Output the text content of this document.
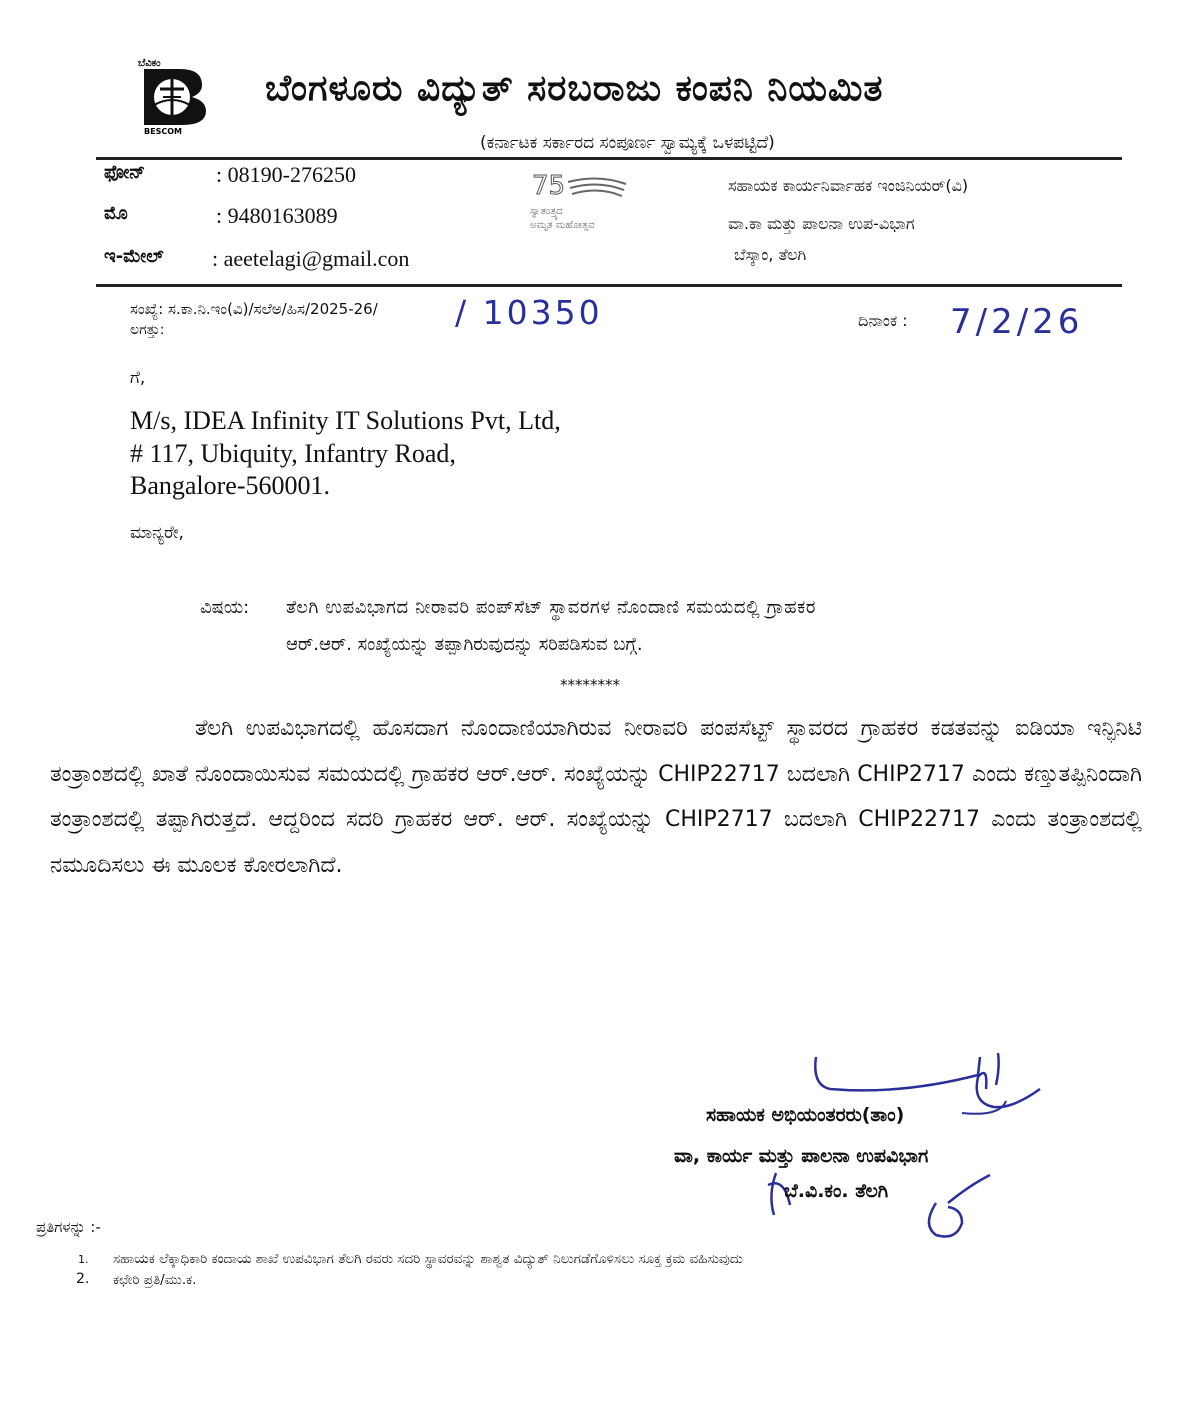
ಬೆವಿಕಂ
BESCOM
ಬೆಂಗಳೂರು ವಿದ್ಯುತ್ ಸರಬರಾಜು ಕಂಪನಿ ನಿಯಮಿತ
(ಕರ್ನಾಟಕ ಸರ್ಕಾರದ ಸಂಪೂರ್ಣ ಸ್ವಾಮ್ಯಕ್ಕೆ ಒಳಪಟ್ಟಿದೆ)
ಫೋನ್	: 08190-276250
ಮೊ	: 9480163089
ಇ-ಮೇಲ್ : aeetelagi@gmail.con
75
ಸ್ವಾತಂತ್ರ್ಯದ
ಅಮೃತ ಮಹೋತ್ಸವ
ಸಹಾಯಕ ಕಾರ್ಯನಿರ್ವಾಹಕ ಇಂಜಿನಿಯರ್(ವಿ)
ವಾ.ಕಾ ಮತ್ತು ಪಾಲನಾ ಉಪ-ವಿಭಾಗ
ಬೆಸ್ಕಾಂ, ತೆಲಗಿ
ಸಂಖ್ಯೆ: ಸ.ಕಾ.ನಿ.ಇಂ(ವಿ)/ಸಲೆಅ/ಹಿಸ/2025-26/ / 10350
ಲಗತ್ತು:	ದಿನಾಂಕ : 7/2/26
ಗೆ,
M/s, IDEA Infinity IT Solutions Pvt, Ltd,
# 117, Ubiquity, Infantry Road,
Bangalore-560001.
ಮಾನ್ಯರೇ,
ವಿಷಯ: ತೆಲಗಿ ಉಪವಿಭಾಗದ ನೀರಾವರಿ ಪಂಪ್‌ಸೆಟ್ ಸ್ಥಾವರಗಳ ನೊಂದಾಣಿ ಸಮಯದಲ್ಲಿ ಗ್ರಾಹಕರ
ಆರ್.ಆರ್. ಸಂಖ್ಯೆಯನ್ನು ತಪ್ಪಾಗಿರುವುದನ್ನು ಸರಿಪಡಿಸುವ ಬಗ್ಗೆ.
********
ತೆಲಗಿ ಉಪವಿಭಾಗದಲ್ಲಿ ಹೊಸದಾಗ ನೊಂದಾಣಿಯಾಗಿರುವ ನೀರಾವರಿ ಪಂಪಸೆಟ್ಟ್ ಸ್ಥಾವರದ ಗ್ರಾಹಕರ ಕಡತವನ್ನು ಐಡಿಯಾ ಇನ್ಫಿನಿಟಿ ತಂತ್ರಾಂಶದಲ್ಲಿ ಖಾತೆ ನೊಂದಾಯಿಸುವ ಸಮಯದಲ್ಲಿ ಗ್ರಾಹಕರ ಆರ್.ಆರ್. ಸಂಖ್ಯೆಯನ್ನು CHIP22717 ಬದಲಾಗಿ CHIP2717 ಎಂದು ಕಣ್ತುತಪ್ಪಿನಿಂದಾಗಿ ತಂತ್ರಾಂಶದಲ್ಲಿ ತಪ್ಪಾಗಿರುತ್ತದೆ. ಆದ್ದರಿಂದ ಸದರಿ ಗ್ರಾಹಕರ ಆರ್. ಆರ್. ಸಂಖ್ಯೆಯನ್ನು CHIP2717 ಬದಲಾಗಿ CHIP22717 ಎಂದು ತಂತ್ರಾಂಶದಲ್ಲಿ ನಮೂದಿಸಲು ಈ ಮೂಲಕ ಕೋರಲಾಗಿದೆ.
ಸಹಾಯಕ ಅಭಿಯಂತರರು(ತಾಂ)
ವಾ, ಕಾರ್ಯ ಮತ್ತು ಪಾಲನಾ ಉಪವಿಭಾಗ
ಬೆ.ವಿ.ಕಂ. ತೆಲಗಿ
ಪ್ರತಿಗಳನ್ನು :-
1. ಸಹಾಯಕ ಲೆಕ್ಕಾಧಿಕಾರಿ ಕಂದಾಯ ಶಾಖೆ ಉಪವಿಭಾಗ ತೆಲಗಿ ರವರು ಸದರಿ ಸ್ಥಾವರವನ್ನು ಶಾಶ್ವತ ವಿದ್ಯುತ್ ನಿಲುಗಡೆಗೊಳಿಸಲು ಸೂಕ್ತ ಕ್ರಮ ವಹಿಸುವುದು
2. ಕಛೇರಿ ಪ್ರತಿ/ಮು.ಕ.
